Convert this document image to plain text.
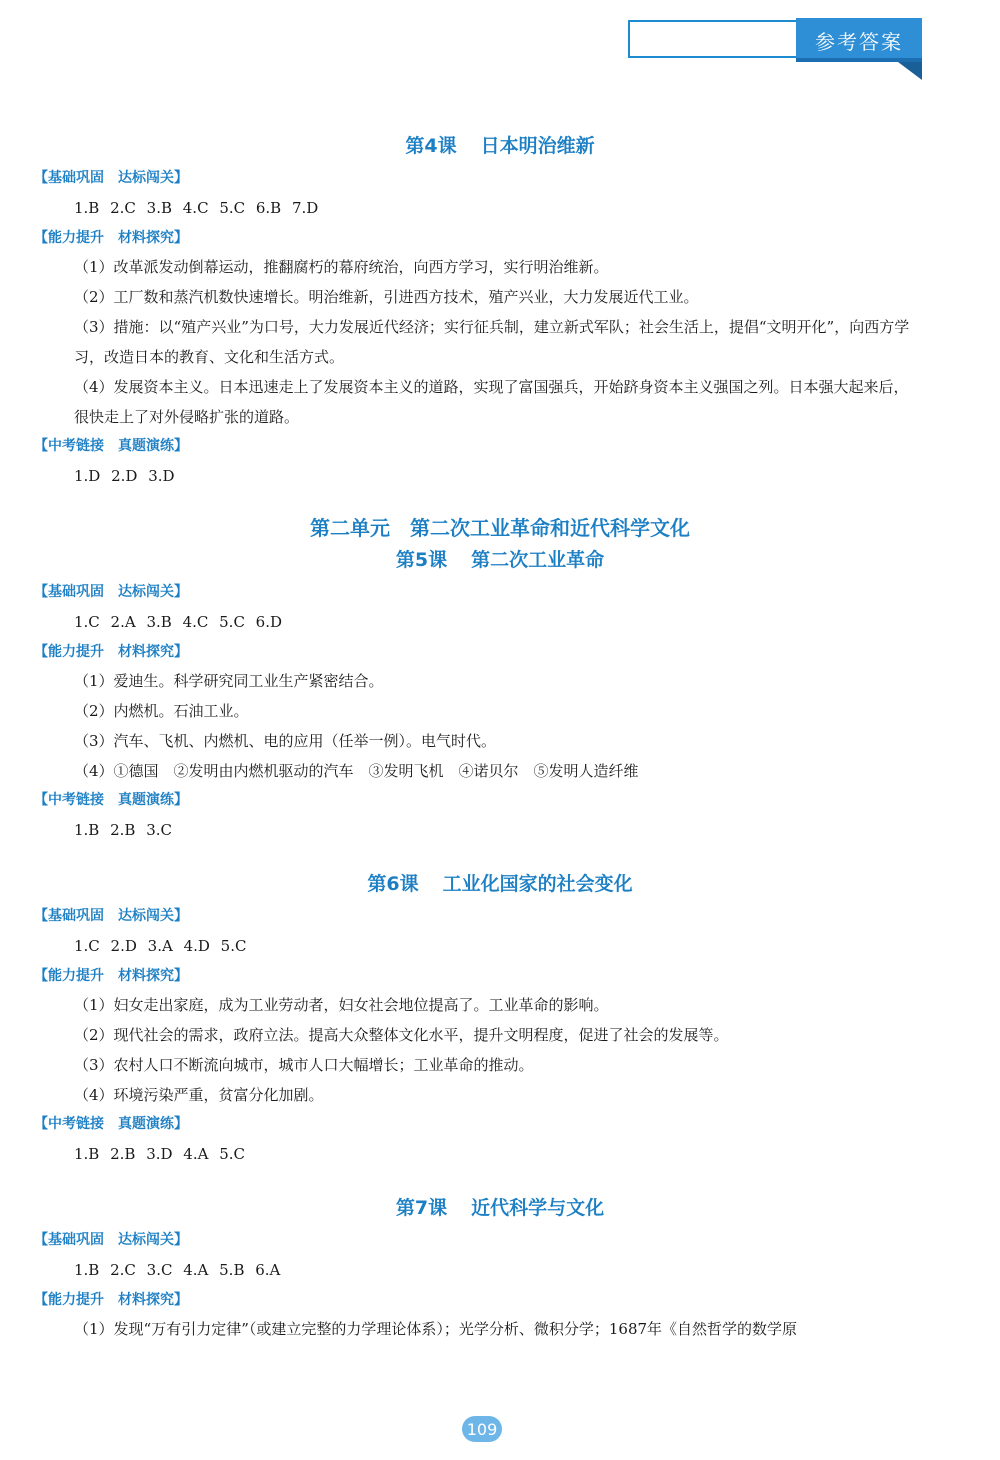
参考答案
第4课 日本明治维新
【基础巩固　达标闯关】
1.B 2.C 3.B 4.C 5.C 6.B 7.D
【能力提升　材料探究】
（1）改革派发动倒幕运动，推翻腐朽的幕府统治，向西方学习，实行明治维新。
（2）工厂数和蒸汽机数快速增长。明治维新，引进西方技术，殖产兴业，大力发展近代工业。
（3）措施：以“殖产兴业”为口号，大力发展近代经济；实行征兵制，建立新式军队；社会生活上，提倡“文明开化”，向西方学习，改造日本的教育、文化和生活方式。
（4）发展资本主义。日本迅速走上了发展资本主义的道路，实现了富国强兵，开始跻身资本主义强国之列。日本强大起来后，很快走上了对外侵略扩张的道路。
【中考链接　真题演练】
1.D 2.D 3.D
第二单元　第二次工业革命和近代科学文化
第5课 第二次工业革命
【基础巩固　达标闯关】
1.C 2.A 3.B 4.C 5.C 6.D
【能力提升　材料探究】
（1）爱迪生。科学研究同工业生产紧密结合。
（2）内燃机。石油工业。
（3）汽车、飞机、内燃机、电的应用（任举一例）。电气时代。
（4）①德国　②发明由内燃机驱动的汽车　③发明飞机　④诺贝尔　⑤发明人造纤维
【中考链接　真题演练】
1.B 2.B 3.C
第6课 工业化国家的社会变化
【基础巩固　达标闯关】
1.C 2.D 3.A 4.D 5.C
【能力提升　材料探究】
（1）妇女走出家庭，成为工业劳动者，妇女社会地位提高了。工业革命的影响。
（2）现代社会的需求，政府立法。提高大众整体文化水平，提升文明程度，促进了社会的发展等。
（3）农村人口不断流向城市，城市人口大幅增长；工业革命的推动。
（4）环境污染严重，贫富分化加剧。
【中考链接　真题演练】
1.B 2.B 3.D 4.A 5.C
第7课 近代科学与文化
【基础巩固　达标闯关】
1.B 2.C 3.C 4.A 5.B 6.A
【能力提升　材料探究】
（1）发现“万有引力定律”（或建立完整的力学理论体系）；光学分析、微积分学；1687年《自然哲学的数学原
109
